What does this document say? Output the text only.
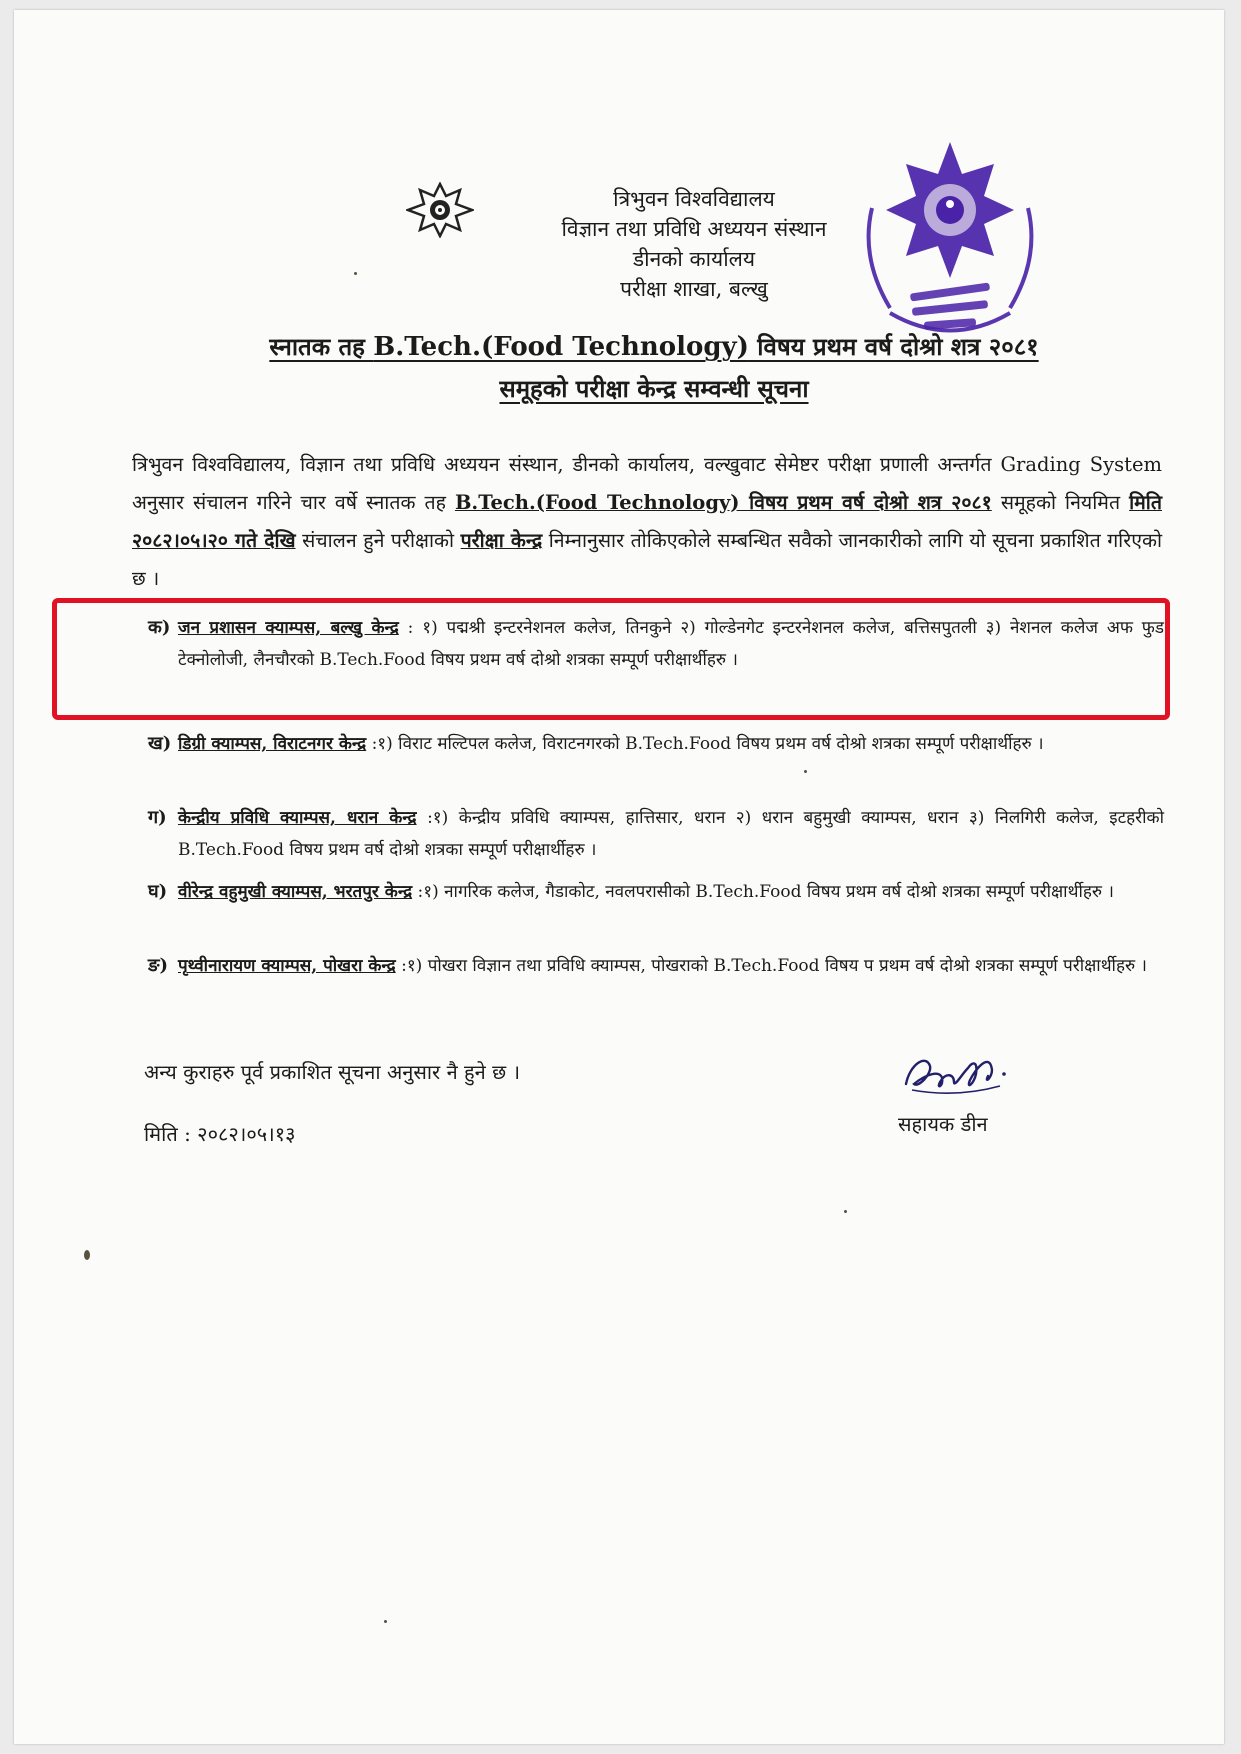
त्रिभुवन विश्वविद्यालय
विज्ञान तथा प्रविधि अध्ययन संस्थान
डीनको कार्यालय
परीक्षा शाखा, बल्खु
स्नातक तह B.Tech.(Food Technology) विषय प्रथम वर्ष दोश्रो शत्र २०८१
समूहको परीक्षा केन्द्र सम्वन्धी सूचना
त्रिभुवन विश्वविद्यालय, विज्ञान तथा प्रविधि अध्ययन संस्थान, डीनको कार्यालय, वल्खुवाट सेमेष्टर परीक्षा प्रणाली अन्तर्गत Grading System अनुसार संचालन गरिने चार वर्षे स्नातक तह B.Tech.(Food Technology) विषय प्रथम वर्ष दोश्रो शत्र २०८१ समूहको नियमित मिति २०८२।०५।२० गते देखि संचालन हुने परीक्षाको परीक्षा केन्द्र निम्नानुसार तोकिएकोले सम्बन्धित सवैको जानकारीको लागि यो सूचना प्रकाशित गरिएको छ ।
क) जन प्रशासन क्याम्पस, बल्खु केन्द्र : १) पद्मश्री इन्टरनेशनल कलेज, तिनकुने २) गोल्डेनगेट इन्टरनेशनल कलेज, बत्तिसपुतली ३) नेशनल कलेज अफ फुड टेक्नोलोजी, लैनचौरको B.Tech.Food विषय प्रथम वर्ष दोश्रो शत्रका सम्पूर्ण परीक्षार्थीहरु ।
ख) डिग्री क्याम्पस, विराटनगर केन्द्र :१) विराट मल्टिपल कलेज, विराटनगरको B.Tech.Food विषय प्रथम वर्ष दोश्रो शत्रका सम्पूर्ण परीक्षार्थीहरु ।
ग) केन्द्रीय प्रविधि क्याम्पस, धरान केन्द्र :१) केन्द्रीय प्रविधि क्याम्पस, हात्तिसार, धरान २) धरान बहुमुखी क्याम्पस, धरान ३) निलगिरी कलेज, इटहरीको B.Tech.Food विषय प्रथम वर्ष दोश्रो शत्रका सम्पूर्ण परीक्षार्थीहरु ।
घ) वीरेन्द्र वहुमुखी क्याम्पस, भरतपुर केन्द्र :१) नागरिक कलेज, गैडाकोट, नवलपरासीको B.Tech.Food विषय प्रथम वर्ष दोश्रो शत्रका सम्पूर्ण परीक्षार्थीहरु ।
ङ) पृथ्वीनारायण क्याम्पस, पोखरा केन्द्र :१) पोखरा विज्ञान तथा प्रविधि क्याम्पस, पोखराको B.Tech.Food विषय प प्रथम वर्ष दोश्रो शत्रका सम्पूर्ण परीक्षार्थीहरु ।
अन्य कुराहरु पूर्व प्रकाशित सूचना अनुसार नै हुने छ ।
सहायक डीन
मिति : २०८२।०५।१३
